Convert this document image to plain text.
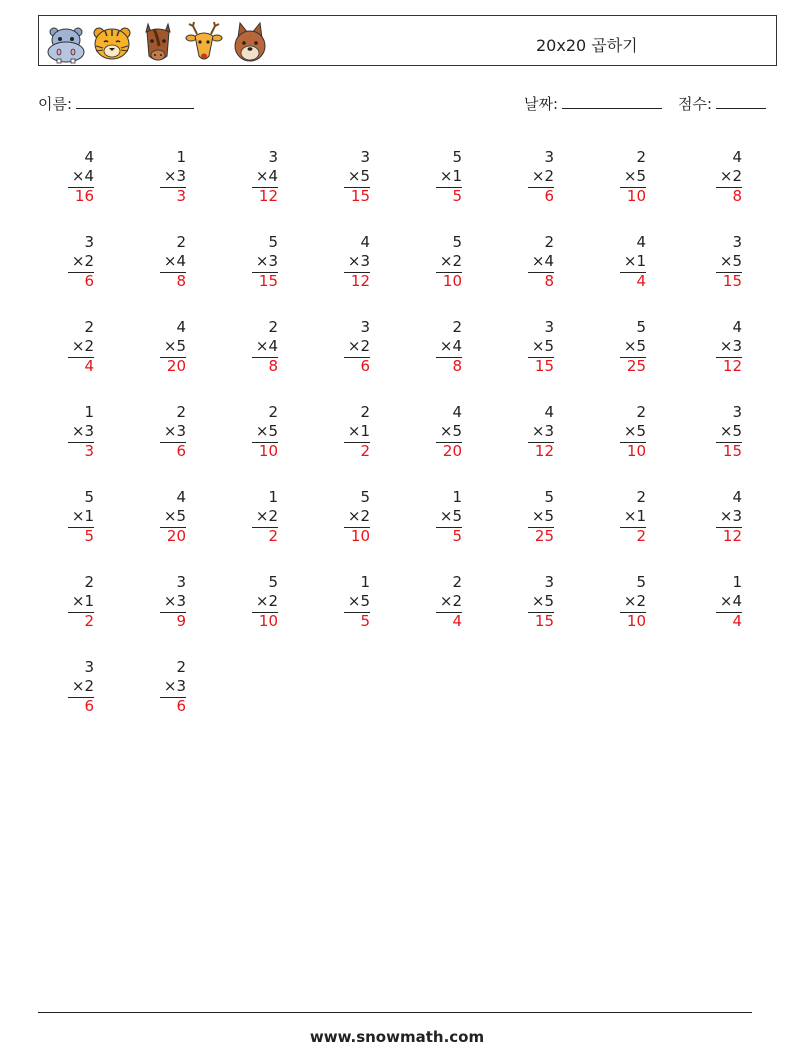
20x20 곱하기
이름:	날짜:	점수:
4
×4
16
1
×3
3
3
×4
12
3
×5
15
5
×1
5
3
×2
6
2
×5
10
4
×2
8
3
×2
6
2
×4
8
5
×3
15
4
×3
12
5
×2
10
2
×4
8
4
×1
4
3
×5
15
2
×2
4
4
×5
20
2
×4
8
3
×2
6
2
×4
8
3
×5
15
5
×5
25
4
×3
12
1
×3
3
2
×3
6
2
×5
10
2
×1
2
4
×5
20
4
×3
12
2
×5
10
3
×5
15
5
×1
5
4
×5
20
1
×2
2
5
×2
10
1
×5
5
5
×5
25
2
×1
2
4
×3
12
2
×1
2
3
×3
9
5
×2
10
1
×5
5
2
×2
4
3
×5
15
5
×2
10
1
×4
4
3
×2
6
2
×3
6
www.snowmath.com
